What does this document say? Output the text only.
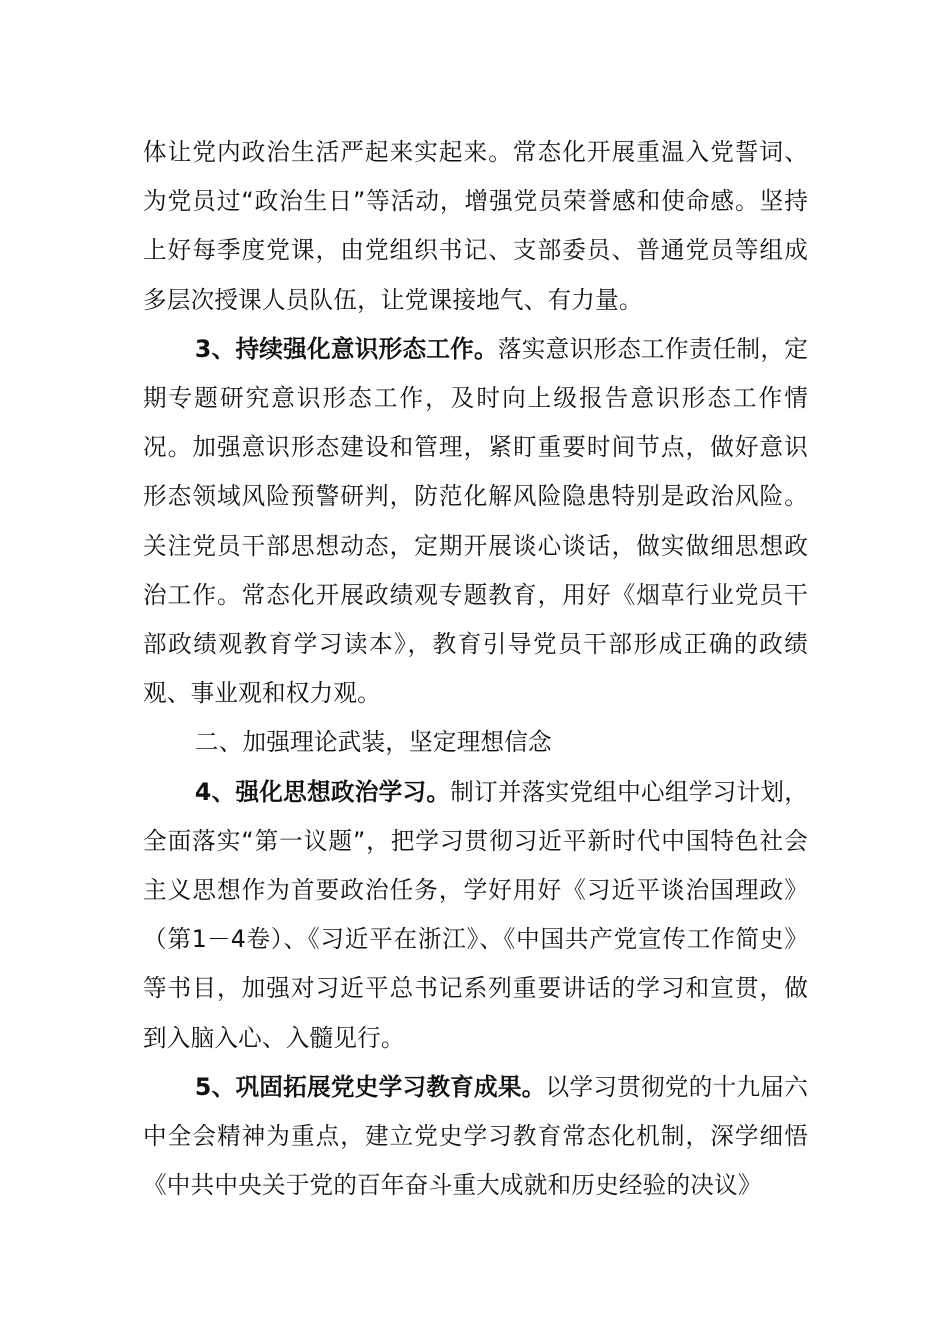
体让党内政治生活严起来实起来。常态化开展重温入党誓词、为党员过“政治生日”等活动，增强党员荣誉感和使命感。坚持上好每季度党课，由党组织书记、支部委员、普通党员等组成多层次授课人员队伍，让党课接地气、有力量。

3、持续强化意识形态工作。落实意识形态工作责任制，定期专题研究意识形态工作，及时向上级报告意识形态工作情况。加强意识形态建设和管理，紧盯重要时间节点，做好意识形态领域风险预警研判，防范化解风险隐患特别是政治风险。关注党员干部思想动态，定期开展谈心谈话，做实做细思想政治工作。常态化开展政绩观专题教育，用好《烟草行业党员干部政绩观教育学习读本》，教育引导党员干部形成正确的政绩观、事业观和权力观。

二、加强理论武装，坚定理想信念

4、强化思想政治学习。制订并落实党组中心组学习计划，全面落实“第一议题”，把学习贯彻习近平新时代中国特色社会主义思想作为首要政治任务，学好用好《习近平谈治国理政》（第1－4卷）、《习近平在浙江》、《中国共产党宣传工作简史》等书目，加强对习近平总书记系列重要讲话的学习和宣贯，做到入脑入心、入髓见行。

5、巩固拓展党史学习教育成果。以学习贯彻党的十九届六中全会精神为重点，建立党史学习教育常态化机制，深学细悟《中共中央关于党的百年奋斗重大成就和历史经验的决议》
